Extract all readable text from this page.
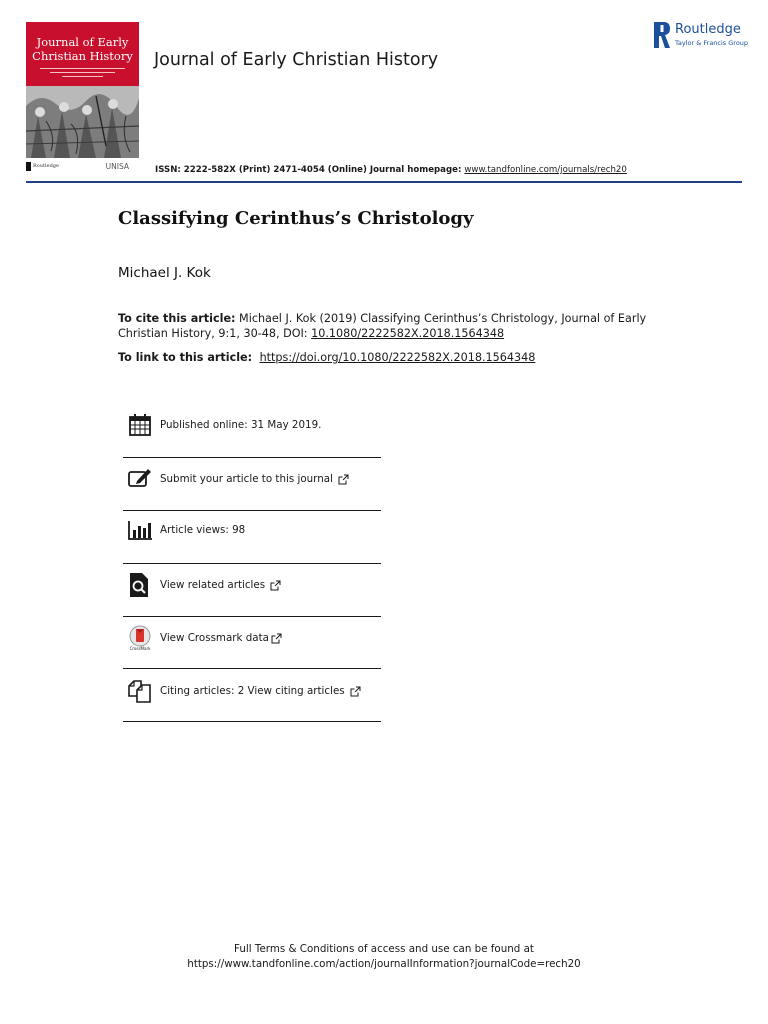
Journal of Early
Christian History
Routledge	UNISA
Journal of Early Christian History
Routledge
Taylor & Francis Group
ISSN: 2222-582X (Print) 2471-4054 (Online) Journal homepage: www.tandfonline.com/journals/rech20
Classifying Cerinthus’s Christology
Michael J. Kok
To cite this article: Michael J. Kok (2019) Classifying Cerinthus’s Christology, Journal of Early Christian History, 9:1, 30-48, DOI: 10.1080/2222582X.2018.1564348
To link to this article:  https://doi.org/10.1080/2222582X.2018.1564348
Published online: 31 May 2019.
Submit your article to this journal
Article views: 98
View related articles
CrossMark
View Crossmark data
Citing articles: 2 View citing articles
Full Terms & Conditions of access and use can be found at
https://www.tandfonline.com/action/journalInformation?journalCode=rech20
